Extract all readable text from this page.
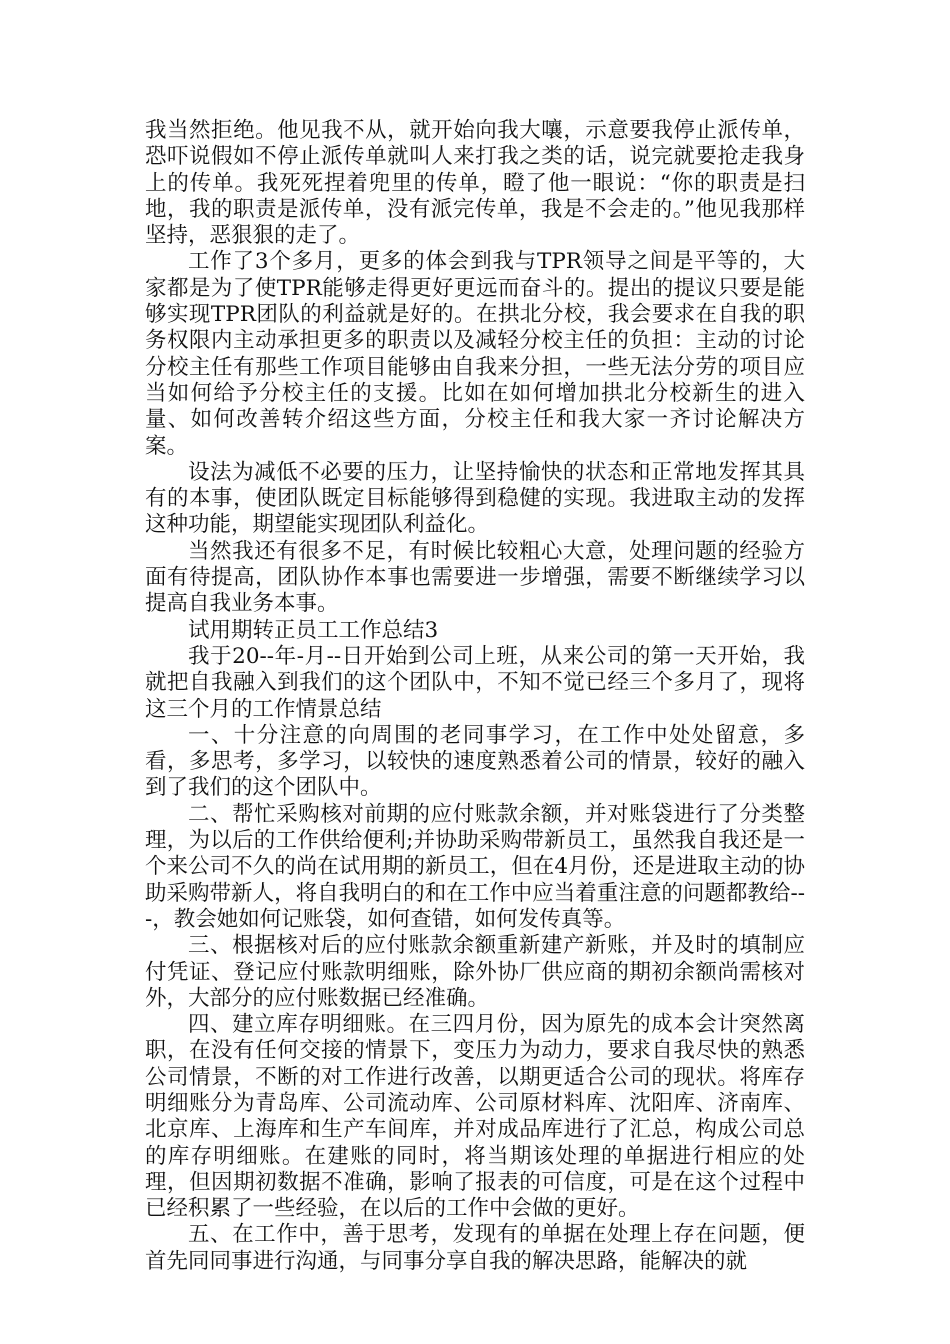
我当然拒绝。他见我不从，就开始向我大嚷，示意要我停止派传单，恐吓说假如不停止派传单就叫人来打我之类的话，说完就要抢走我身上的传单。我死死捏着兜里的传单，瞪了他一眼说：“你的职责是扫地，我的职责是派传单，没有派完传单，我是不会走的。”他见我那样坚持，恶狠狠的走了。

工作了3个多月，更多的体会到我与TPR领导之间是平等的，大家都是为了使TPR能够走得更好更远而奋斗的。提出的提议只要是能够实现TPR团队的利益就是好的。在拱北分校，我会要求在自我的职务权限内主动承担更多的职责以及减轻分校主任的负担：主动的讨论分校主任有那些工作项目能够由自我来分担，一些无法分劳的项目应当如何给予分校主任的支援。比如在如何增加拱北分校新生的进入量、如何改善转介绍这些方面，分校主任和我大家一齐讨论解决方案。

设法为减低不必要的压力，让坚持愉快的状态和正常地发挥其具有的本事，使团队既定目标能够得到稳健的实现。我进取主动的发挥这种功能，期望能实现团队利益化。

当然我还有很多不足，有时候比较粗心大意，处理问题的经验方面有待提高，团队协作本事也需要进一步增强，需要不断继续学习以提高自我业务本事。

试用期转正员工工作总结3

我于20--年-月--日开始到公司上班，从来公司的第一天开始，我就把自我融入到我们的这个团队中，不知不觉已经三个多月了，现将这三个月的工作情景总结

一、十分注意的向周围的老同事学习，在工作中处处留意，多看，多思考，多学习，以较快的速度熟悉着公司的情景，较好的融入到了我们的这个团队中。

二、帮忙采购核对前期的应付账款余额，并对账袋进行了分类整理，为以后的工作供给便利;并协助采购带新员工，虽然我自我还是一个来公司不久的尚在试用期的新员工，但在4月份，还是进取主动的协助采购带新人，将自我明白的和在工作中应当着重注意的问题都教给---，教会她如何记账袋，如何查错，如何发传真等。

三、根据核对后的应付账款余额重新建产新账，并及时的填制应付凭证、登记应付账款明细账，除外协厂供应商的期初余额尚需核对外，大部分的应付账数据已经准确。

四、建立库存明细账。在三四月份，因为原先的成本会计突然离职，在没有任何交接的情景下，变压力为动力，要求自我尽快的熟悉公司情景，不断的对工作进行改善，以期更适合公司的现状。将库存明细账分为青岛库、公司流动库、公司原材料库、沈阳库、济南库、北京库、上海库和生产车间库，并对成品库进行了汇总，构成公司总的库存明细账。在建账的同时，将当期该处理的单据进行相应的处理，但因期初数据不准确，影响了报表的可信度，可是在这个过程中已经积累了一些经验，在以后的工作中会做的更好。

五、在工作中，善于思考，发现有的单据在处理上存在问题，便首先同同事进行沟通，与同事分享自我的解决思路，能解决的就
